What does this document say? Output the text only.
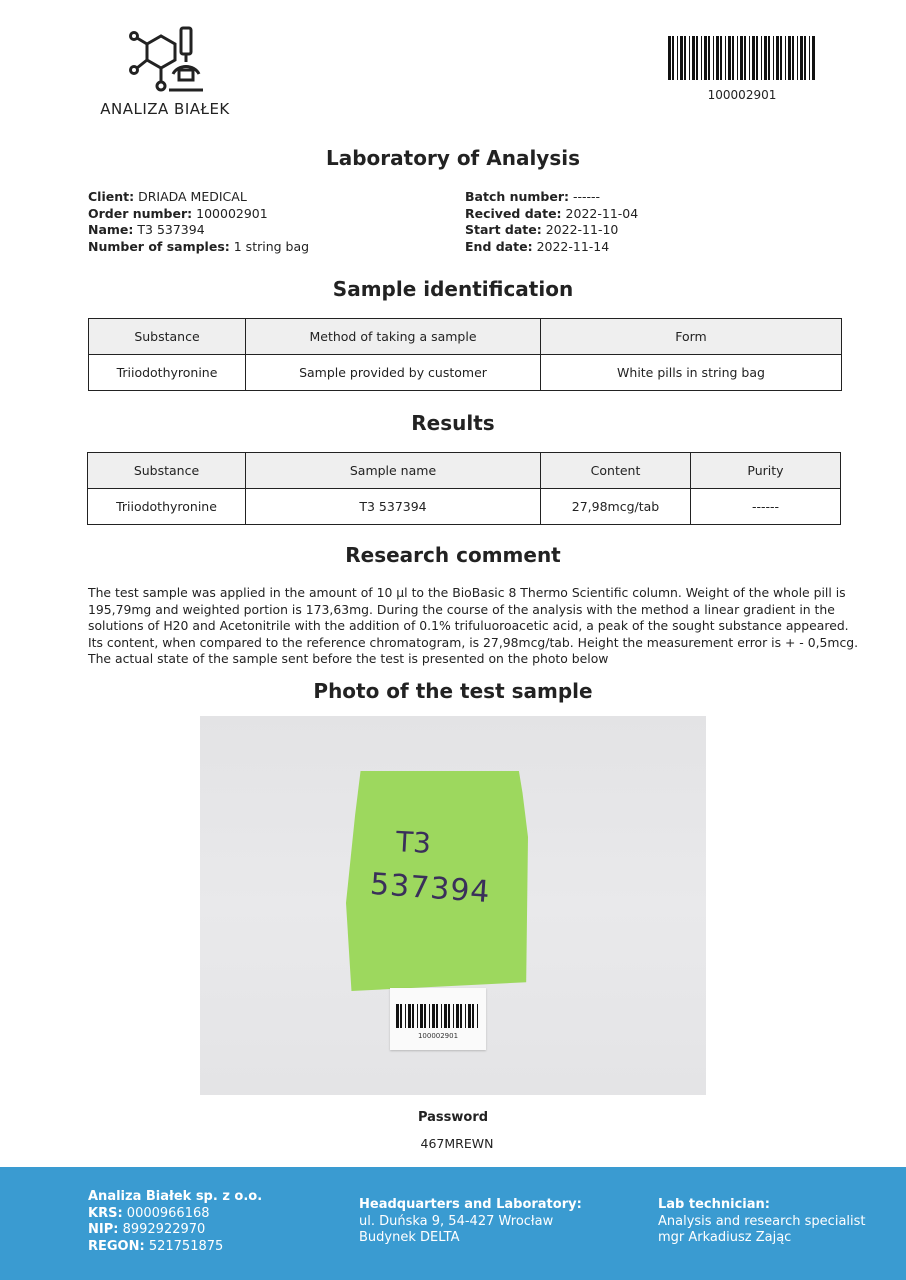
ANALIZA BIAŁEK
100002901
Laboratory of Analysis
Client: DRIADA MEDICAL
Order number: 100002901
Name: T3 537394
Number of samples: 1 string bag
Batch number: ------
Recived date: 2022-11-04
Start date: 2022-11-10
End date: 2022-11-14
Sample identification
Substance	Method of taking a sample	Form
Triiodothyronine	Sample provided by customer	White pills in string bag
Results
Substance	Sample name	Content	Purity
Triiodothyronine	T3 537394	27,98mcg/tab	------
Research comment
The test sample was applied in the amount of 10 µl to the BioBasic 8 Thermo Scientific column. Weight of the whole pill is
195,79mg and weighted portion is 173,63mg. During the course of the analysis with the method a linear gradient in the
solutions of H20 and Acetonitrile with the addition of 0.1% trifuluoroacetic acid, a peak of the sought substance appeared.
Its content, when compared to the reference chromatogram, is 27,98mcg/tab. Height the measurement error is + - 0,5mcg.
The actual state of the sample sent before the test is presented on the photo below
Photo of the test sample
T3
537394
100002901
Password
467MREWN
Analiza Białek sp. z o.o.
KRS: 0000966168
NIP: 8992922970
REGON: 521751875
Headquarters and Laboratory:
ul. Duńska 9, 54-427 Wrocław
Budynek DELTA
Lab technician:
Analysis and research specialist
mgr Arkadiusz Zając
